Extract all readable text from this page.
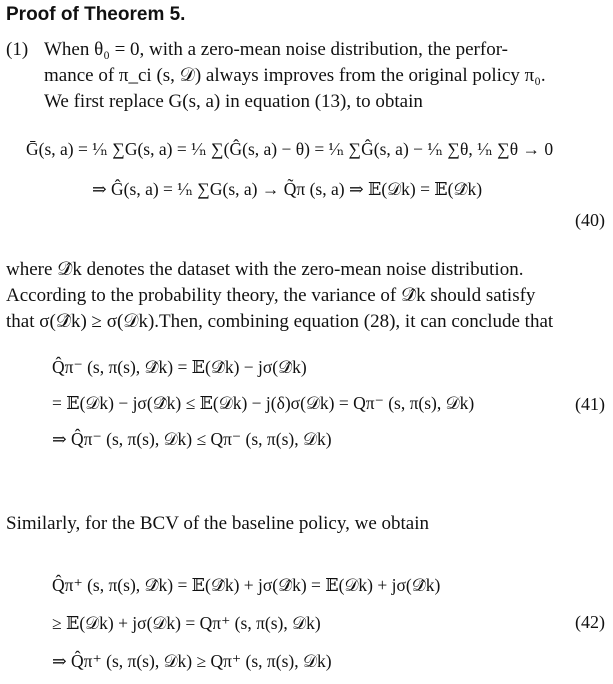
Proof of Theorem 5.
(1) When θ₀ = 0, with a zero-mean noise distribution, the perfor-
mance of π_ci (s, 𝒟) always improves from the original policy π₀.
We first replace G(s, a) in equation (13), to obtain
Ḡ(s, a) = ¹⁄ₙ ∑G(s, a) = ¹⁄ₙ ∑(Ĝ(s, a) − θ) = ¹⁄ₙ ∑Ĝ(s, a) − ¹⁄ₙ ∑θ, ¹⁄ₙ ∑θ → 0
⇒ Ĝ(s, a) = ¹⁄ₙ ∑G(s, a) → Q̃π (s, a) ⇒ 𝔼(𝒟k) = 𝔼(𝒟̂k)
(40)
where 𝒟̂k denotes the dataset with the zero-mean noise distribution.
According to the probability theory, the variance of 𝒟̂k should satisfy
that σ(𝒟̂k) ≥ σ(𝒟k).Then, combining equation (28), it can conclude that
Q̂π⁻ (s, π(s), 𝒟̂k) = 𝔼(𝒟̂k) − jσ(𝒟̂k)
= 𝔼(𝒟k) − jσ(𝒟̂k) ≤ 𝔼(𝒟k) − j(δ)σ(𝒟k) = Qπ⁻ (s, π(s), 𝒟k)	(41)
⇒ Q̂π⁻ (s, π(s), 𝒟k) ≤ Qπ⁻ (s, π(s), 𝒟k)
Similarly, for the BCV of the baseline policy, we obtain
Q̂π⁺ (s, π(s), 𝒟̂k) = 𝔼(𝒟̂k) + jσ(𝒟̂k) = 𝔼(𝒟k) + jσ(𝒟̂k)
≥ 𝔼(𝒟k) + jσ(𝒟k) = Qπ⁺ (s, π(s), 𝒟k)	(42)
⇒ Q̂π⁺ (s, π(s), 𝒟k) ≥ Qπ⁺ (s, π(s), 𝒟k)
